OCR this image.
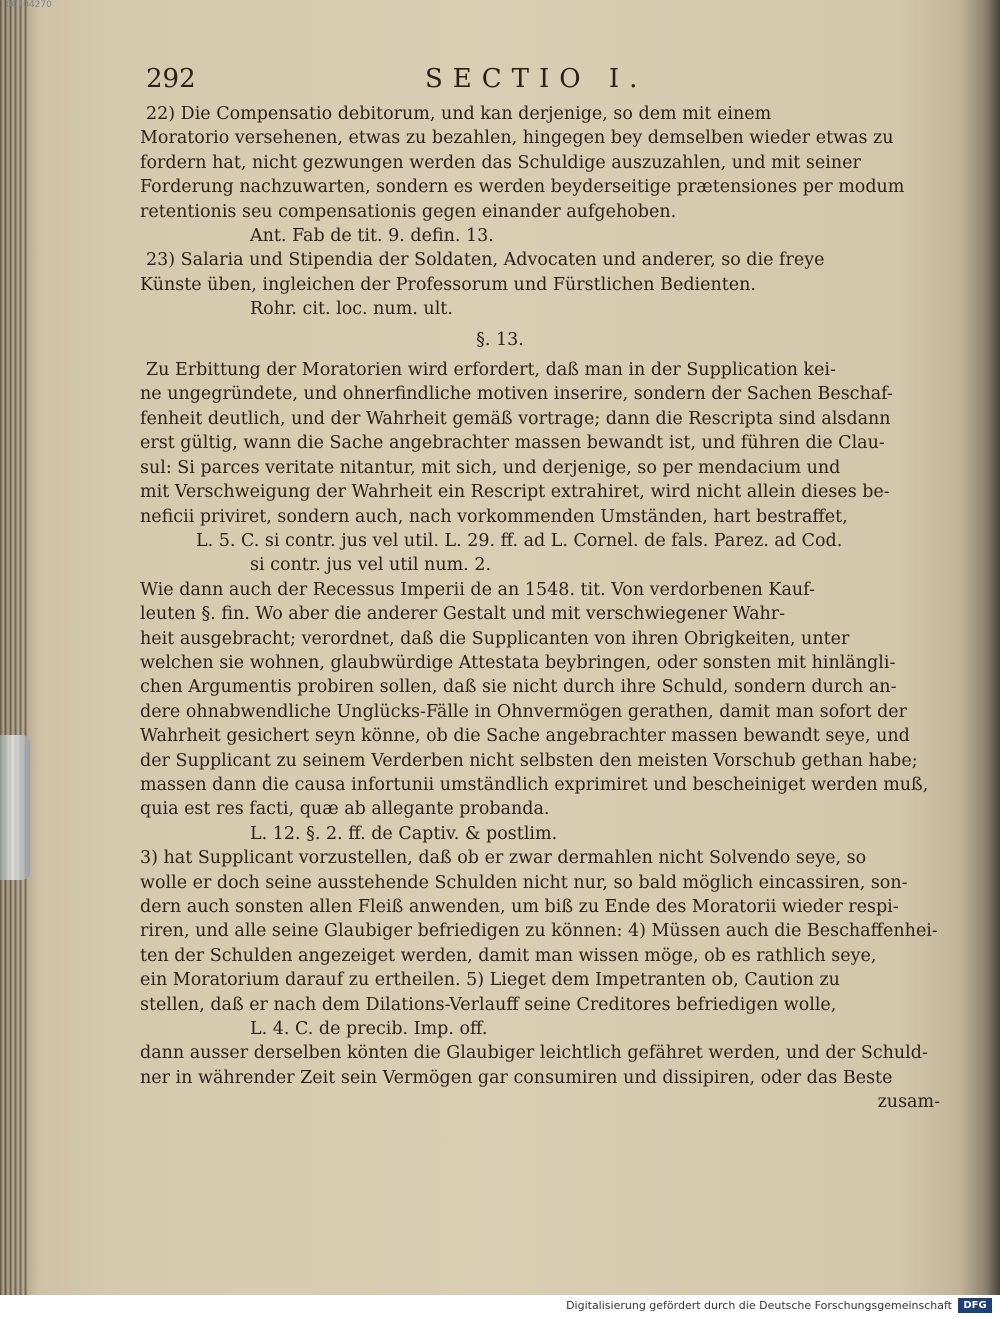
00104270
292	SECTIO I.
22) Die Compensatio debitorum, und kan derjenige, so dem mit einem
Moratorio versehenen, etwas zu bezahlen, hingegen bey demselben wieder etwas zu
fordern hat, nicht gezwungen werden das Schuldige auszuzahlen, und mit seiner
Forderung nachzuwarten, sondern es werden beyderseitige prætensiones per modum
retentionis seu compensationis gegen einander aufgehoben.
Ant. Fab de tit. 9. defin. 13.
23) Salaria und Stipendia der Soldaten, Advocaten und anderer, so die freye
Künste üben, ingleichen der Professorum und Fürstlichen Bedienten.
Rohr. cit. loc. num. ult.
§. 13.
Zu Erbittung der Moratorien wird erfordert, daß man in der Supplication kei-
ne ungegründete, und ohnerfindliche motiven inserire, sondern der Sachen Beschaf-
fenheit deutlich, und der Wahrheit gemäß vortrage; dann die Rescripta sind alsdann
erst gültig, wann die Sache angebrachter massen bewandt ist, und führen die Clau-
sul: Si parces veritate nitantur, mit sich, und derjenige, so per mendacium und
mit Verschweigung der Wahrheit ein Rescript extrahiret, wird nicht allein dieses be-
neficii priviret, sondern auch, nach vorkommenden Umständen, hart bestraffet,
L. 5. C. si contr. jus vel util. L. 29. ff. ad L. Cornel. de fals. Parez. ad Cod.
si contr. jus vel util num. 2.
Wie dann auch der Recessus Imperii de an 1548. tit. Von verdorbenen Kauf-
leuten §. fin. Wo aber die anderer Gestalt und mit verschwiegener Wahr-
heit ausgebracht; verordnet, daß die Supplicanten von ihren Obrigkeiten, unter
welchen sie wohnen, glaubwürdige Attestata beybringen, oder sonsten mit hinlängli-
chen Argumentis probiren sollen, daß sie nicht durch ihre Schuld, sondern durch an-
dere ohnabwendliche Unglücks-Fälle in Ohnvermögen gerathen, damit man sofort der
Wahrheit gesichert seyn könne, ob die Sache angebrachter massen bewandt seye, und
der Supplicant zu seinem Verderben nicht selbsten den meisten Vorschub gethan habe;
massen dann die causa infortunii umständlich exprimiret und bescheiniget werden muß,
quia est res facti, quæ ab allegante probanda.
L. 12. §. 2. ff. de Captiv. & postlim.
3) hat Supplicant vorzustellen, daß ob er zwar dermahlen nicht Solvendo seye, so
wolle er doch seine ausstehende Schulden nicht nur, so bald möglich eincassiren, son-
dern auch sonsten allen Fleiß anwenden, um biß zu Ende des Moratorii wieder respi-
riren, und alle seine Glaubiger befriedigen zu können: 4) Müssen auch die Beschaffenhei-
ten der Schulden angezeiget werden, damit man wissen möge, ob es rathlich seye,
ein Moratorium darauf zu ertheilen. 5) Lieget dem Impetranten ob, Caution zu
stellen, daß er nach dem Dilations-Verlauff seine Creditores befriedigen wolle,
L. 4. C. de precib. Imp. off.
dann ausser derselben könten die Glaubiger leichtlich gefähret werden, und der Schuld-
ner in währender Zeit sein Vermögen gar consumiren und dissipiren, oder das Beste
zusam-
Digitalisierung gefördert durch die Deutsche Forschungsgemeinschaft	DFG
